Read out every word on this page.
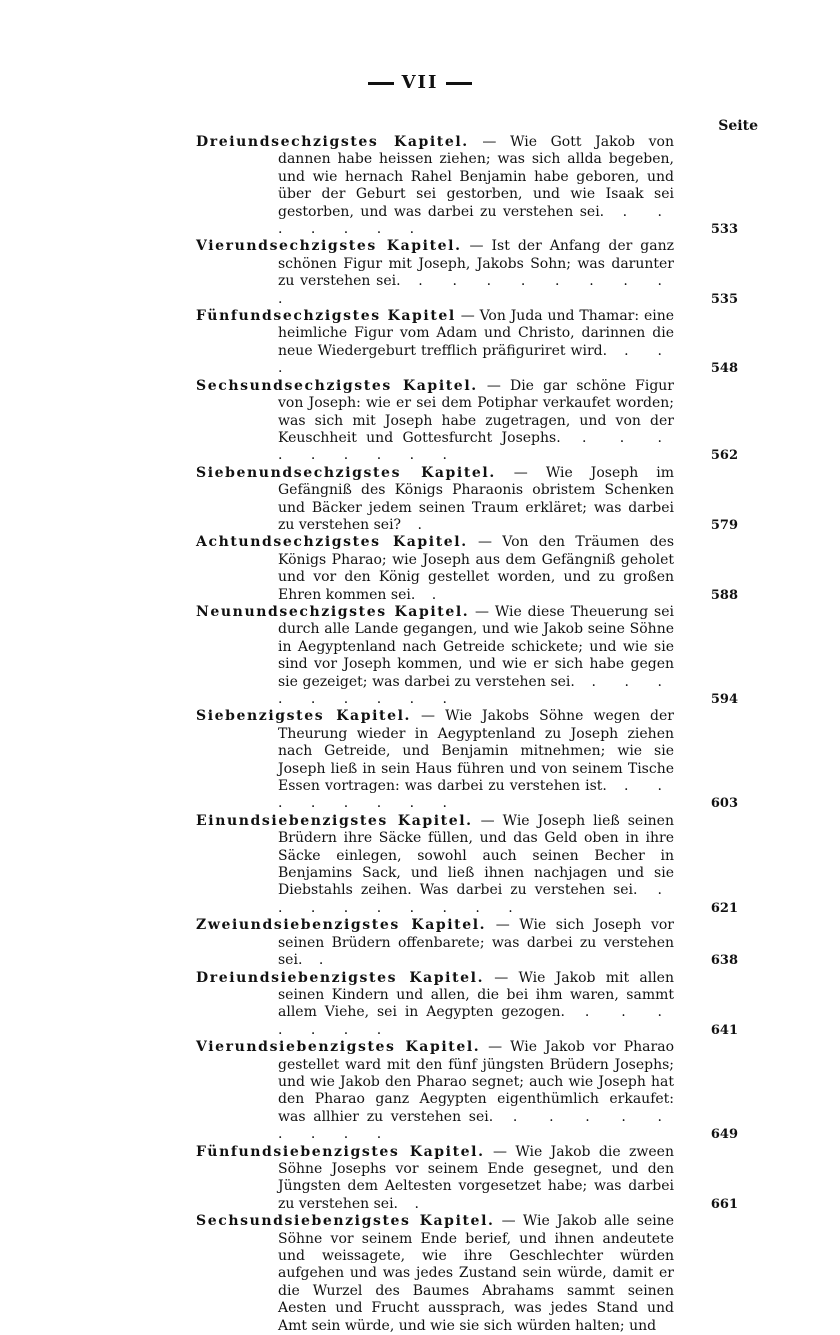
VII
Seite

Dreiundsechzigstes Kapitel. — Wie Gott Jakob von dannen habe heissen ziehen; was sich allda begeben, und wie hernach Rahel Benjamin habe geboren, und über der Geburt sei gestorben, und wie Isaak sei gestorben, und was darbei zu verstehen sei. . . . . . . .	533

Vierundsechzigstes Kapitel. — Ist der Anfang der ganz schönen Figur mit Joseph, Jakobs Sohn; was darunter zu verstehen sei. . . . . . . . . .	535

Fünfundsechzigstes Kapitel — Von Juda und Thamar: eine heimliche Figur vom Adam und Christo, darinnen die neue Wiedergeburt trefflich präfiguriret wird. . . .	548

Sechsundsechzigstes Kapitel. — Die gar schöne Figur von Joseph: wie er sei dem Potiphar verkaufet worden; was sich mit Joseph habe zugetragen, und von der Keuschheit und Gottesfurcht Josephs. . . . . . . . . .	562

Siebenundsechzigstes Kapitel. — Wie Joseph im Gefängniß des Königs Pharaonis obristem Schenken und Bäcker jedem seinen Traum erkläret; was darbei zu verstehen sei? .	579

Achtundsechzigstes Kapitel. — Von den Träumen des Königs Pharao; wie Joseph aus dem Gefängniß geholet und vor den König gestellet worden, und zu großen Ehren kommen sei. .	588

Neunundsechzigstes Kapitel. — Wie diese Theuerung sei durch alle Lande gegangen, und wie Jakob seine Söhne in Aegyptenland nach Getreide schickete; und wie sie sind vor Joseph kommen, und wie er sich habe gegen sie gezeiget; was darbei zu verstehen sei. . . . . . . . . .	594

Siebenzigstes Kapitel. — Wie Jakobs Söhne wegen der Theurung wieder in Aegyptenland zu Joseph ziehen nach Getreide, und Benjamin mitnehmen; wie sie Joseph ließ in sein Haus führen und von seinem Tische Essen vortragen: was darbei zu verstehen ist. . . . . . . . .	603

Einundsiebenzigstes Kapitel. — Wie Joseph ließ seinen Brüdern ihre Säcke füllen, und das Geld oben in ihre Säcke einlegen, sowohl auch seinen Becher in Benjamins Sack, und ließ ihnen nachjagen und sie Diebstahls zeihen. Was darbei zu verstehen sei. . . . . . . . . .	621

Zweiundsiebenzigstes Kapitel. — Wie sich Joseph vor seinen Brüdern offenbarete; was darbei zu verstehen sei. .	638

Dreiundsiebenzigstes Kapitel. — Wie Jakob mit allen seinen Kindern und allen, die bei ihm waren, sammt allem Viehe, sei in Aegypten gezogen. . . . . . . .	641

Vierundsiebenzigstes Kapitel. — Wie Jakob vor Pharao gestellet ward mit den fünf jüngsten Brüdern Josephs; und wie Jakob den Pharao segnet; auch wie Joseph hat den Pharao ganz Aegypten eigenthümlich erkaufet: was allhier zu verstehen sei. . . . . . . . . .	649

Fünfundsiebenzigstes Kapitel. — Wie Jakob die zween Söhne Josephs vor seinem Ende gesegnet, und den Jüngsten dem Aeltesten vorgesetzet habe; was darbei zu verstehen sei. .	661

Sechsundsiebenzigstes Kapitel. — Wie Jakob alle seine Söhne vor seinem Ende berief, und ihnen andeutete und weissagete, wie ihre Geschlechter würden aufgehen und was jedes Zustand sein würde, damit er die Wurzel des Baumes Abrahams sammt seinen Aesten und Frucht aussprach, was jedes Stand und Amt sein würde, und wie sie sich würden halten; und
